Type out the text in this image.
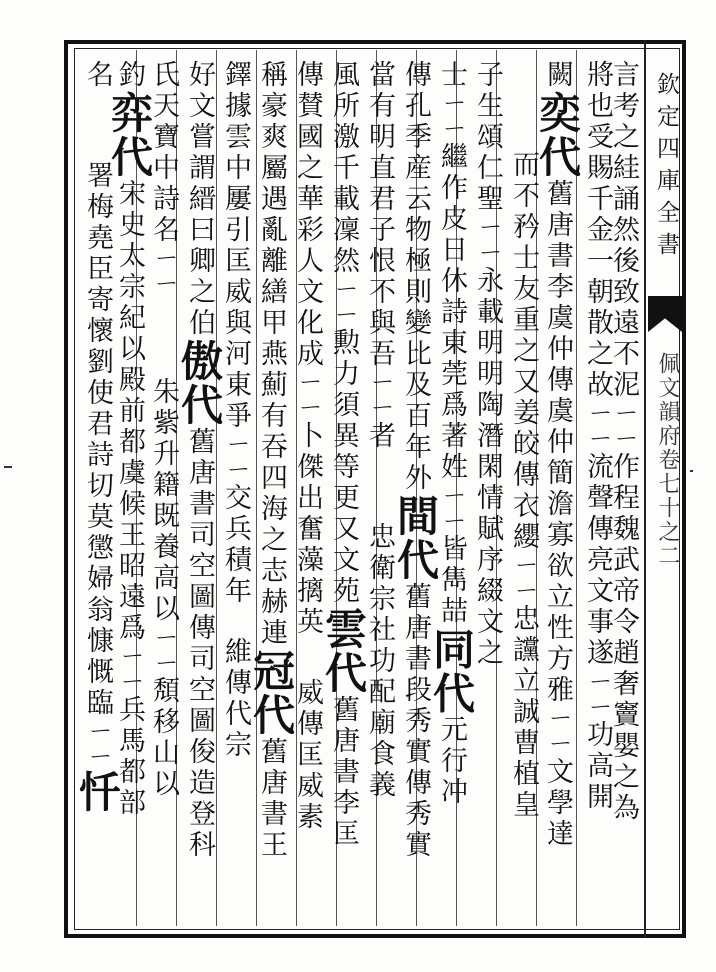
欽定四庫全書
佩文韻府卷七十之二
言考之絓誦然後致遠不泥ㄧㄧ作程魏武帝令趙奢竇嬰之為
將也受賜千金一朝散之故ㄧㄧ流聲傳亮文事遂ㄧㄧ功高開
闕奕代舊唐書李虞仲傳虞仲簡澹寡欲立性方雅ㄧㄧ文學達
而不矜士友重之又姜皎傳衣纓ㄧㄧ忠讜立誠曹植皇
子生頌仁聖ㄧㄧ永載明明陶潛閑情賦序綴文之
士ㄧㄧ繼作皮日休詩東莞爲著姓ㄧㄧ皆雋喆同代元行冲
傳孔季産云物極則變比及百年外間代舊唐書段秀實傳秀實
當有明直君子恨不與吾ㄧㄧ者忠衛宗社功配廟食義
風所激千載凜然ㄧㄧ勲力須異等更又文苑雲代舊唐書李匡
傳賛國之華彩人文化成ㄧㄧ卜傑出奮藻摛英威傳匡威素
稱豪爽屬遇亂離繕甲燕薊有吞四海之志赫連冠代舊唐書王
鐸據雲中屢引匡威與河東爭ㄧㄧ交兵積年維傳代宗
好文嘗謂縉曰卿之伯傲代舊唐書司空圖傳司空圖俊造登科
氏天寶中詩名ㄧㄧ朱紫升籍既養高以ㄧㄧ頽移山以
釣弈代宋史太宗紀以殿前都虞候王昭遠爲ㄧㄧ兵馬都部
名署梅堯臣寄懷劉使君詩切莫懲婦翁慷慨臨ㄧㄧ忏
